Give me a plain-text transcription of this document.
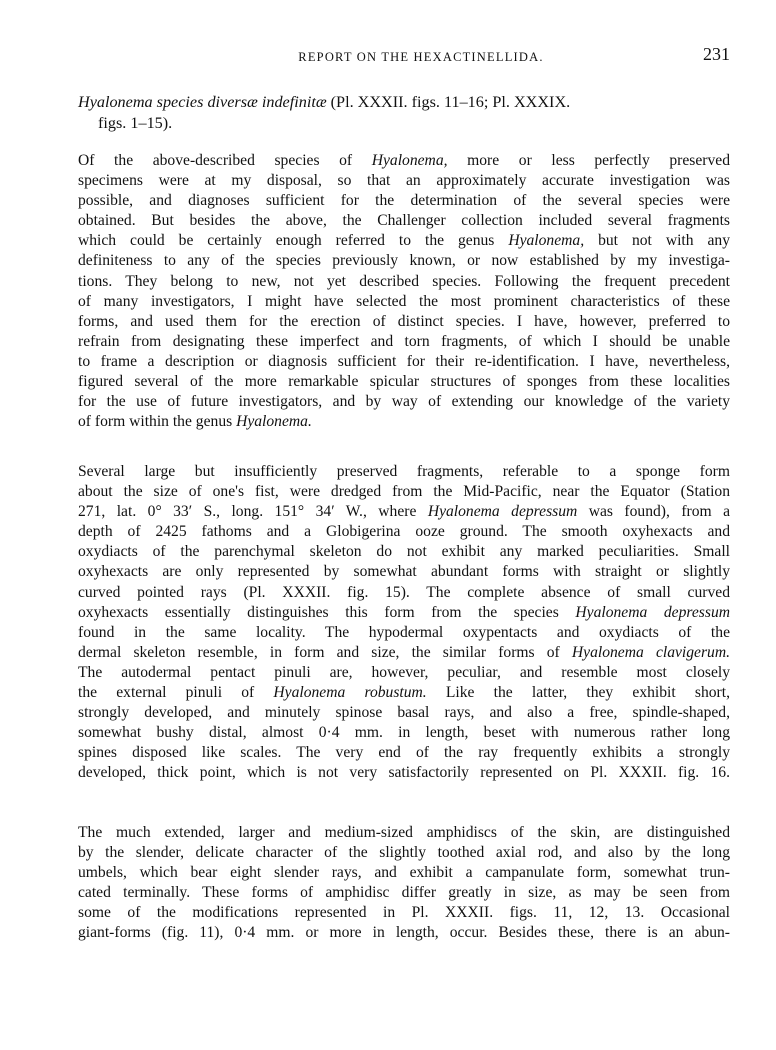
REPORT ON THE HEXACTINELLIDA.	231
Hyalonema species diversæ indefinitæ (Pl. XXXII. figs. 11–16; Pl. XXXIX.
figs. 1–15).
Of the above-described species of Hyalonema, more or less perfectly preserved
specimens were at my disposal, so that an approximately accurate investigation was
possible, and diagnoses sufficient for the determination of the several species were
obtained. But besides the above, the Challenger collection included several fragments
which could be certainly enough referred to the genus Hyalonema, but not with any
definiteness to any of the species previously known, or now established by my investiga-
tions. They belong to new, not yet described species. Following the frequent precedent
of many investigators, I might have selected the most prominent characteristics of these
forms, and used them for the erection of distinct species. I have, however, preferred to
refrain from designating these imperfect and torn fragments, of which I should be unable
to frame a description or diagnosis sufficient for their re-identification. I have, nevertheless,
figured several of the more remarkable spicular structures of sponges from these localities
for the use of future investigators, and by way of extending our knowledge of the variety
of form within the genus Hyalonema.
Several large but insufficiently preserved fragments, referable to a sponge form
about the size of one's fist, were dredged from the Mid-Pacific, near the Equator (Station
271, lat. 0° 33′ S., long. 151° 34′ W., where Hyalonema depressum was found), from a
depth of 2425 fathoms and a Globigerina ooze ground. The smooth oxyhexacts and
oxydiacts of the parenchymal skeleton do not exhibit any marked peculiarities. Small
oxyhexacts are only represented by somewhat abundant forms with straight or slightly
curved pointed rays (Pl. XXXII. fig. 15). The complete absence of small curved
oxyhexacts essentially distinguishes this form from the species Hyalonema depressum
found in the same locality. The hypodermal oxypentacts and oxydiacts of the
dermal skeleton resemble, in form and size, the similar forms of Hyalonema clavigerum.
The autodermal pentact pinuli are, however, peculiar, and resemble most closely
the external pinuli of Hyalonema robustum. Like the latter, they exhibit short,
strongly developed, and minutely spinose basal rays, and also a free, spindle-shaped,
somewhat bushy distal, almost 0·4 mm. in length, beset with numerous rather long
spines disposed like scales. The very end of the ray frequently exhibits a strongly
developed, thick point, which is not very satisfactorily represented on Pl. XXXII. fig. 16.
The much extended, larger and medium-sized amphidiscs of the skin, are distinguished
by the slender, delicate character of the slightly toothed axial rod, and also by the long
umbels, which bear eight slender rays, and exhibit a campanulate form, somewhat trun-
cated terminally. These forms of amphidisc differ greatly in size, as may be seen from
some of the modifications represented in Pl. XXXII. figs. 11, 12, 13. Occasional
giant-forms (fig. 11), 0·4 mm. or more in length, occur. Besides these, there is an abun-
